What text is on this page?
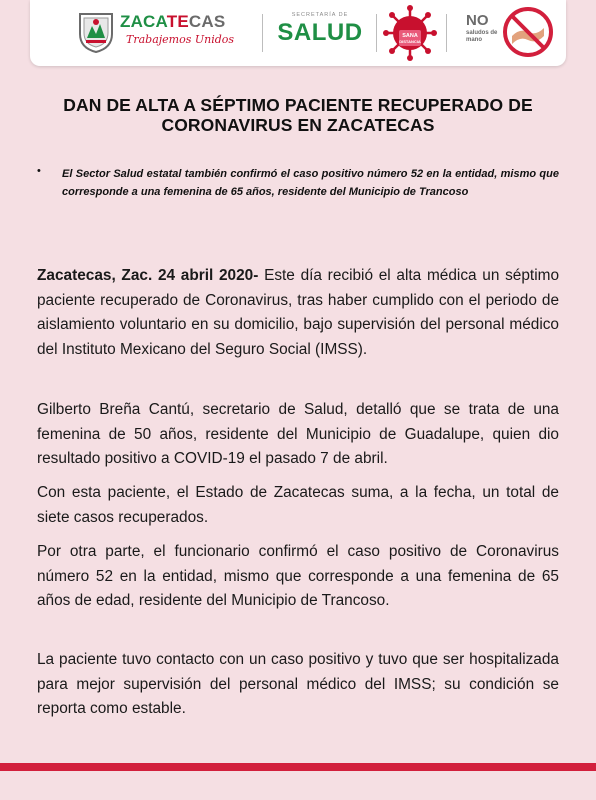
ZACATECAS
Trabajemos Unidos
SECRETARÍA DE
SALUD	SANA
DISTANCIA
NO
saludos de mano
DAN DE ALTA A SÉPTIMO PACIENTE RECUPERADO DE CORONAVIRUS EN ZACATECAS
• El Sector Salud estatal también confirmó el caso positivo número 52 en la entidad, mismo que corresponde a una femenina de 65 años, residente del Municipio de Trancoso

Zacatecas, Zac. 24 abril 2020- Este día recibió el alta médica un séptimo paciente recuperado de Coronavirus, tras haber cumplido con el periodo de aislamiento voluntario en su domicilio, bajo supervisión del personal médico del Instituto Mexicano del Seguro Social (IMSS).

Gilberto Breña Cantú, secretario de Salud, detalló que se trata de una femenina de 50 años, residente del Municipio de Guadalupe, quien dio resultado positivo a COVID-19 el pasado 7 de abril.

Con esta paciente, el Estado de Zacatecas suma, a la fecha, un total de siete casos recuperados.

Por otra parte, el funcionario confirmó el caso positivo de Coronavirus número 52 en la entidad, mismo que corresponde a una femenina de 65 años de edad, residente del Municipio de Trancoso.

La paciente tuvo contacto con un caso positivo y tuvo que ser hospitalizada para mejor supervisión del personal médico del IMSS; su condición se reporta como estable.
